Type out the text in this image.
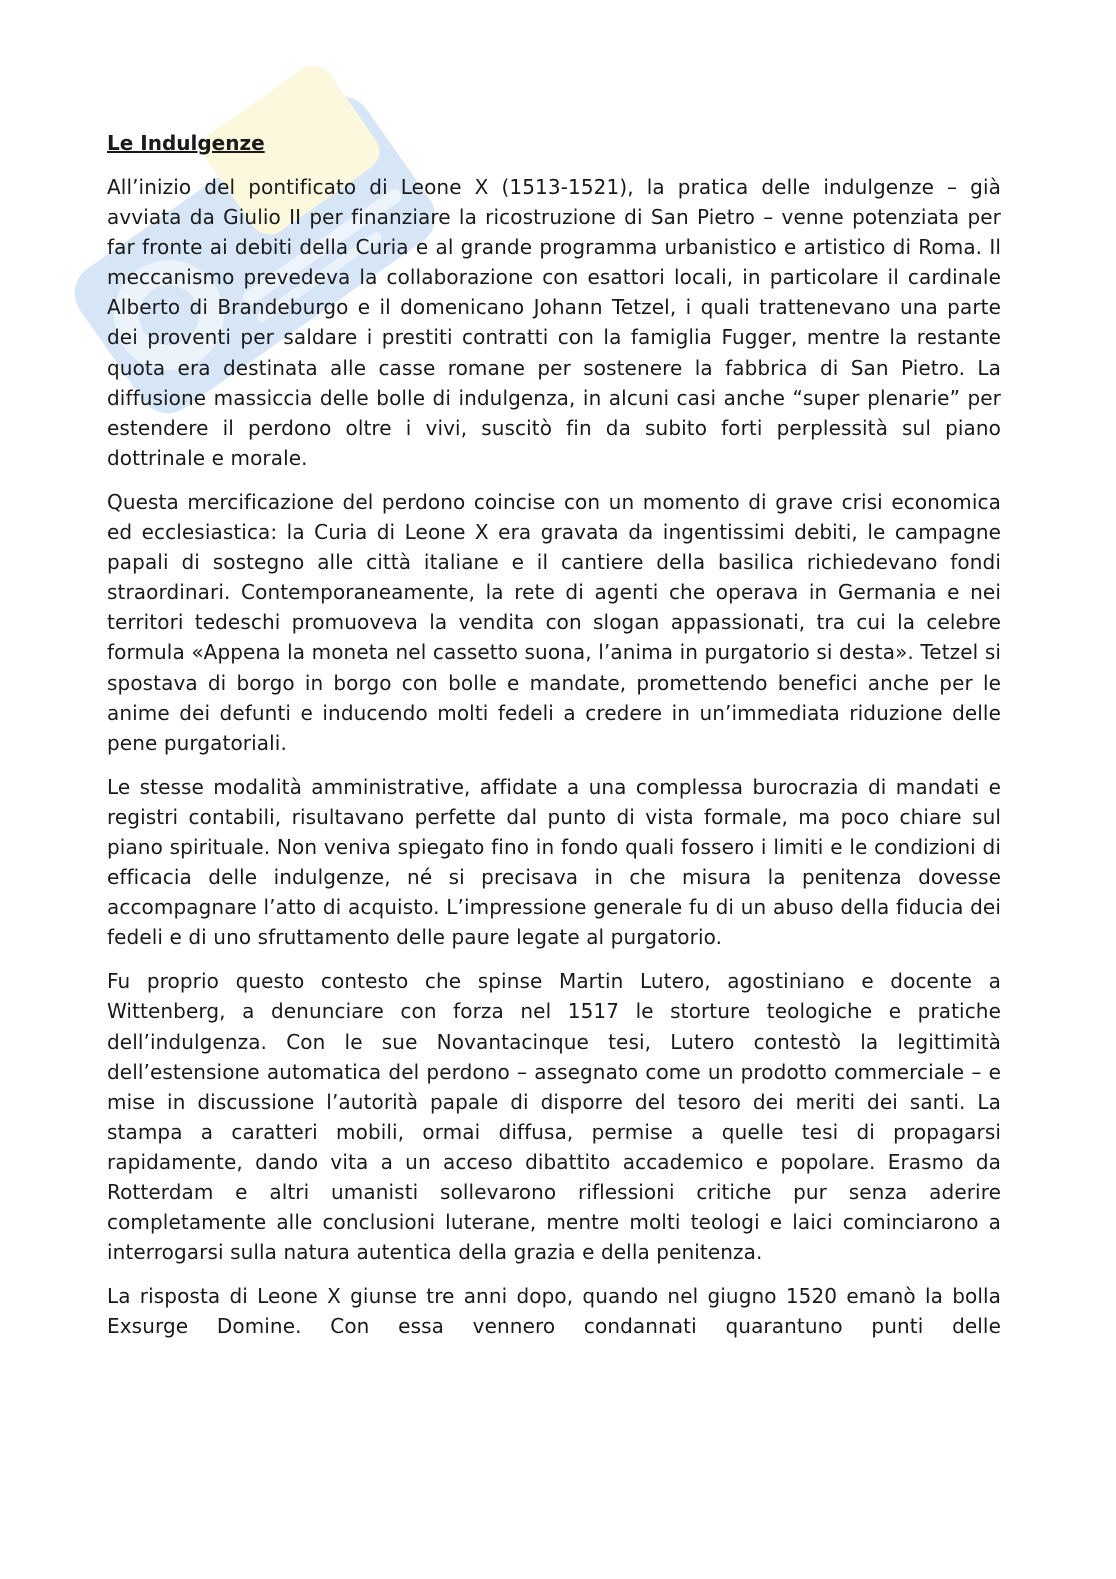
Le Indulgenze

All’inizio del pontificato di Leone X (1513-1521), la pratica delle indulgenze – già avviata da Giulio II per finanziare la ricostruzione di San Pietro – venne potenziata per far fronte ai debiti della Curia e al grande programma urbanistico e artistico di Roma. Il meccanismo prevedeva la collaborazione con esattori locali, in particolare il cardinale Alberto di Brandeburgo e il domenicano Johann Tetzel, i quali trattenevano una parte dei proventi per saldare i prestiti contratti con la famiglia Fugger, mentre la restante quota era destinata alle casse romane per sostenere la fabbrica di San Pietro. La diffusione massiccia delle bolle di indulgenza, in alcuni casi anche “super plenarie” per estendere il perdono oltre i vivi, suscitò fin da subito forti perplessità sul piano dottrinale e morale.

Questa mercificazione del perdono coincise con un momento di grave crisi economica ed ecclesiastica: la Curia di Leone X era gravata da ingentissimi debiti, le campagne papali di sostegno alle città italiane e il cantiere della basilica richiedevano fondi straordinari. Contemporaneamente, la rete di agenti che operava in Germania e nei territori tedeschi promuoveva la vendita con slogan appassionati, tra cui la celebre formula «Appena la moneta nel cassetto suona, l’anima in purgatorio si desta». Tetzel si spostava di borgo in borgo con bolle e mandate, promettendo benefici anche per le anime dei defunti e inducendo molti fedeli a credere in un’immediata riduzione delle pene purgatoriali.

Le stesse modalità amministrative, affidate a una complessa burocrazia di mandati e registri contabili, risultavano perfette dal punto di vista formale, ma poco chiare sul piano spirituale. Non veniva spiegato fino in fondo quali fossero i limiti e le condizioni di efficacia delle indulgenze, né si precisava in che misura la penitenza dovesse accompagnare l’atto di acquisto. L’impressione generale fu di un abuso della fiducia dei fedeli e di uno sfruttamento delle paure legate al purgatorio.

Fu proprio questo contesto che spinse Martin Lutero, agostiniano e docente a Wittenberg, a denunciare con forza nel 1517 le storture teologiche e pratiche dell’indulgenza. Con le sue Novantacinque tesi, Lutero contestò la legittimità dell’estensione automatica del perdono – assegnato come un prodotto commerciale – e mise in discussione l’autorità papale di disporre del tesoro dei meriti dei santi. La stampa a caratteri mobili, ormai diffusa, permise a quelle tesi di propagarsi rapidamente, dando vita a un acceso dibattito accademico e popolare. Erasmo da Rotterdam e altri umanisti sollevarono riflessioni critiche pur senza aderire completamente alle conclusioni luterane, mentre molti teologi e laici cominciarono a interrogarsi sulla natura autentica della grazia e della penitenza.

La risposta di Leone X giunse tre anni dopo, quando nel giugno 1520 emanò la bolla Exsurge Domine. Con essa vennero condannati quarantuno punti delle
